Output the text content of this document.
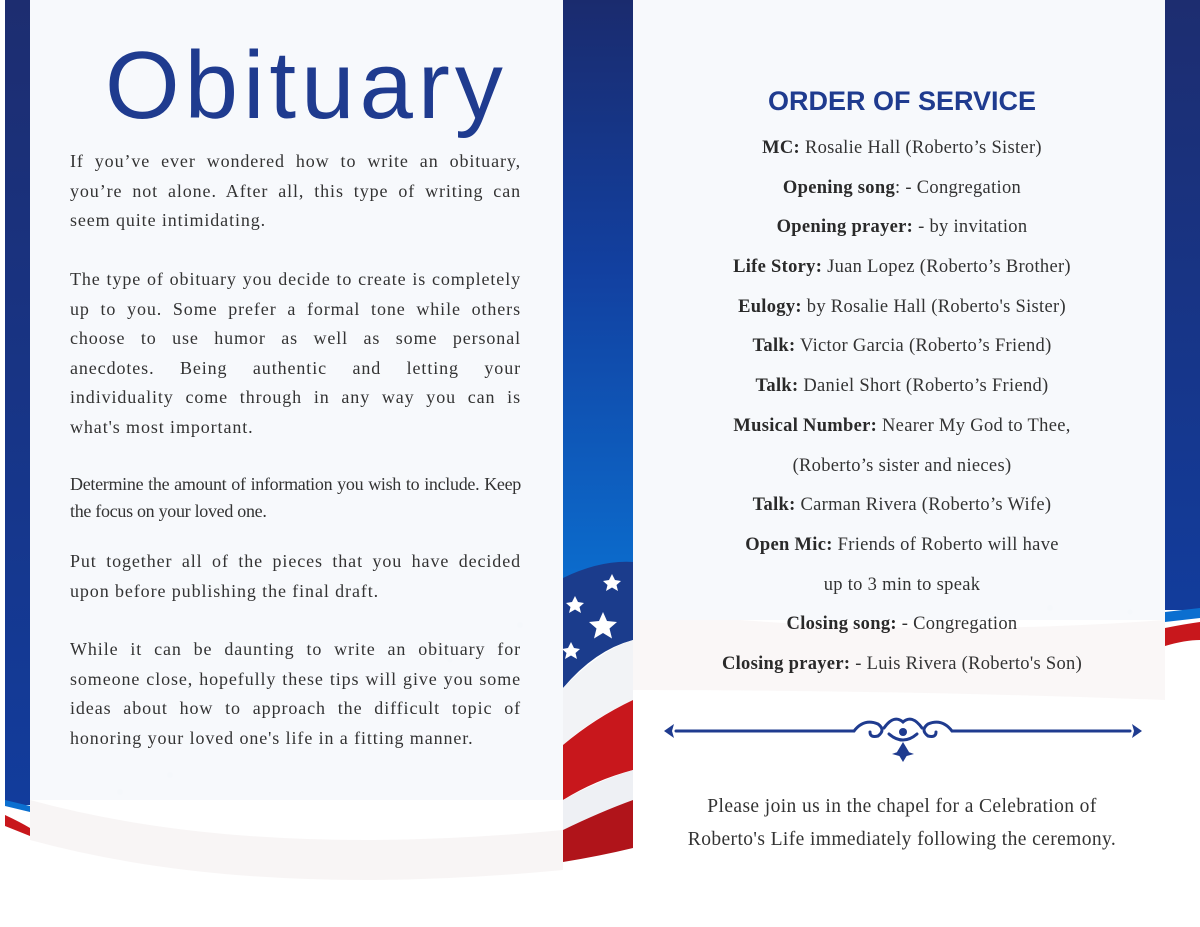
Obituary

If you’ve ever wondered how to write an obituary, you’re not alone. After all, this type of writing can seem quite intimidating.

The type of obituary you decide to create is completely up to you. Some prefer a formal tone while others choose to use humor as well as some personal anecdotes. Being authentic and letting your individuality come through in any way you can is what's most important.

Determine the amount of information you wish to include. Keep the focus on your loved one.

Put together all of the pieces that you have decided upon before publishing the final draft.

While it can be daunting to write an obituary for someone close, hopefully these tips will give you some ideas about how to approach the difficult topic of honoring your loved one's life in a fitting manner.

ORDER OF SERVICE
MC: Rosalie Hall (Roberto’s Sister)
Opening song: - Congregation
Opening prayer: - by invitation
Life Story: Juan Lopez (Roberto’s Brother)
Eulogy: by Rosalie Hall (Roberto's Sister)
Talk: Victor Garcia (Roberto’s Friend)
Talk: Daniel Short (Roberto’s Friend)
Musical Number: Nearer My God to Thee,
(Roberto’s sister and nieces)
Talk: Carman Rivera (Roberto’s Wife)
Open Mic: Friends of Roberto will have
up to 3 min to speak
Closing song: - Congregation
Closing prayer: - Luis Rivera (Roberto's Son)

Please join us in the chapel for a Celebration of
Roberto's Life immediately following the ceremony.
